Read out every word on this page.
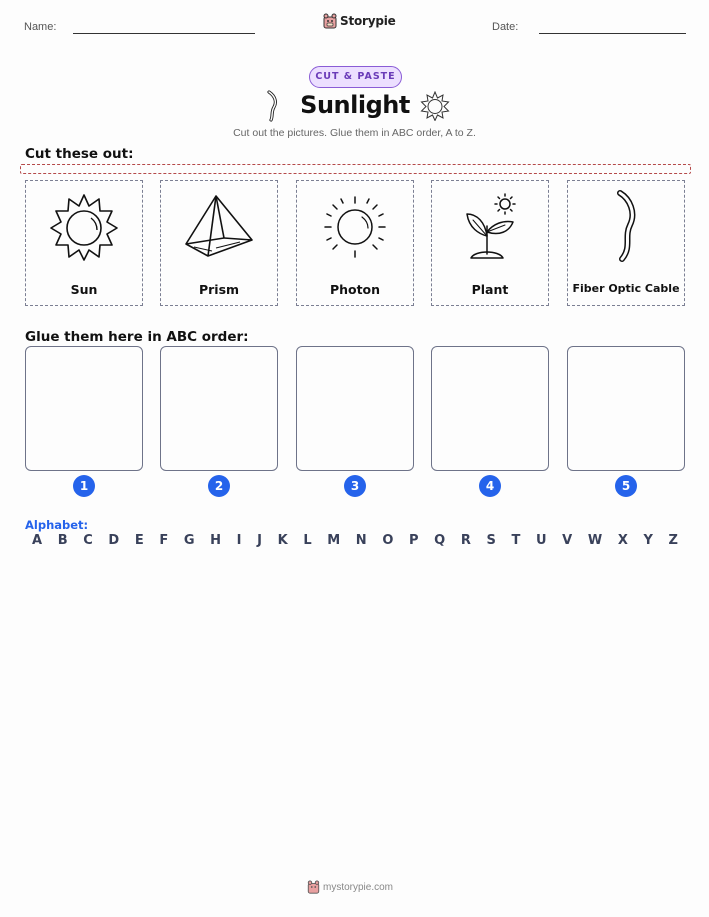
Name:	Storypie	Date:
CUT & PASTE
Sunlight
Cut out the pictures. Glue them in ABC order, A to Z.
Cut these out:
Sun	Prism	Photon	Plant	Fiber Optic Cable
Glue them here in ABC order:
1	2	3	4	5
Alphabet:
A B C D E F G H I J K L M N O P Q R S T U V W X Y Z
mystorypie.com
